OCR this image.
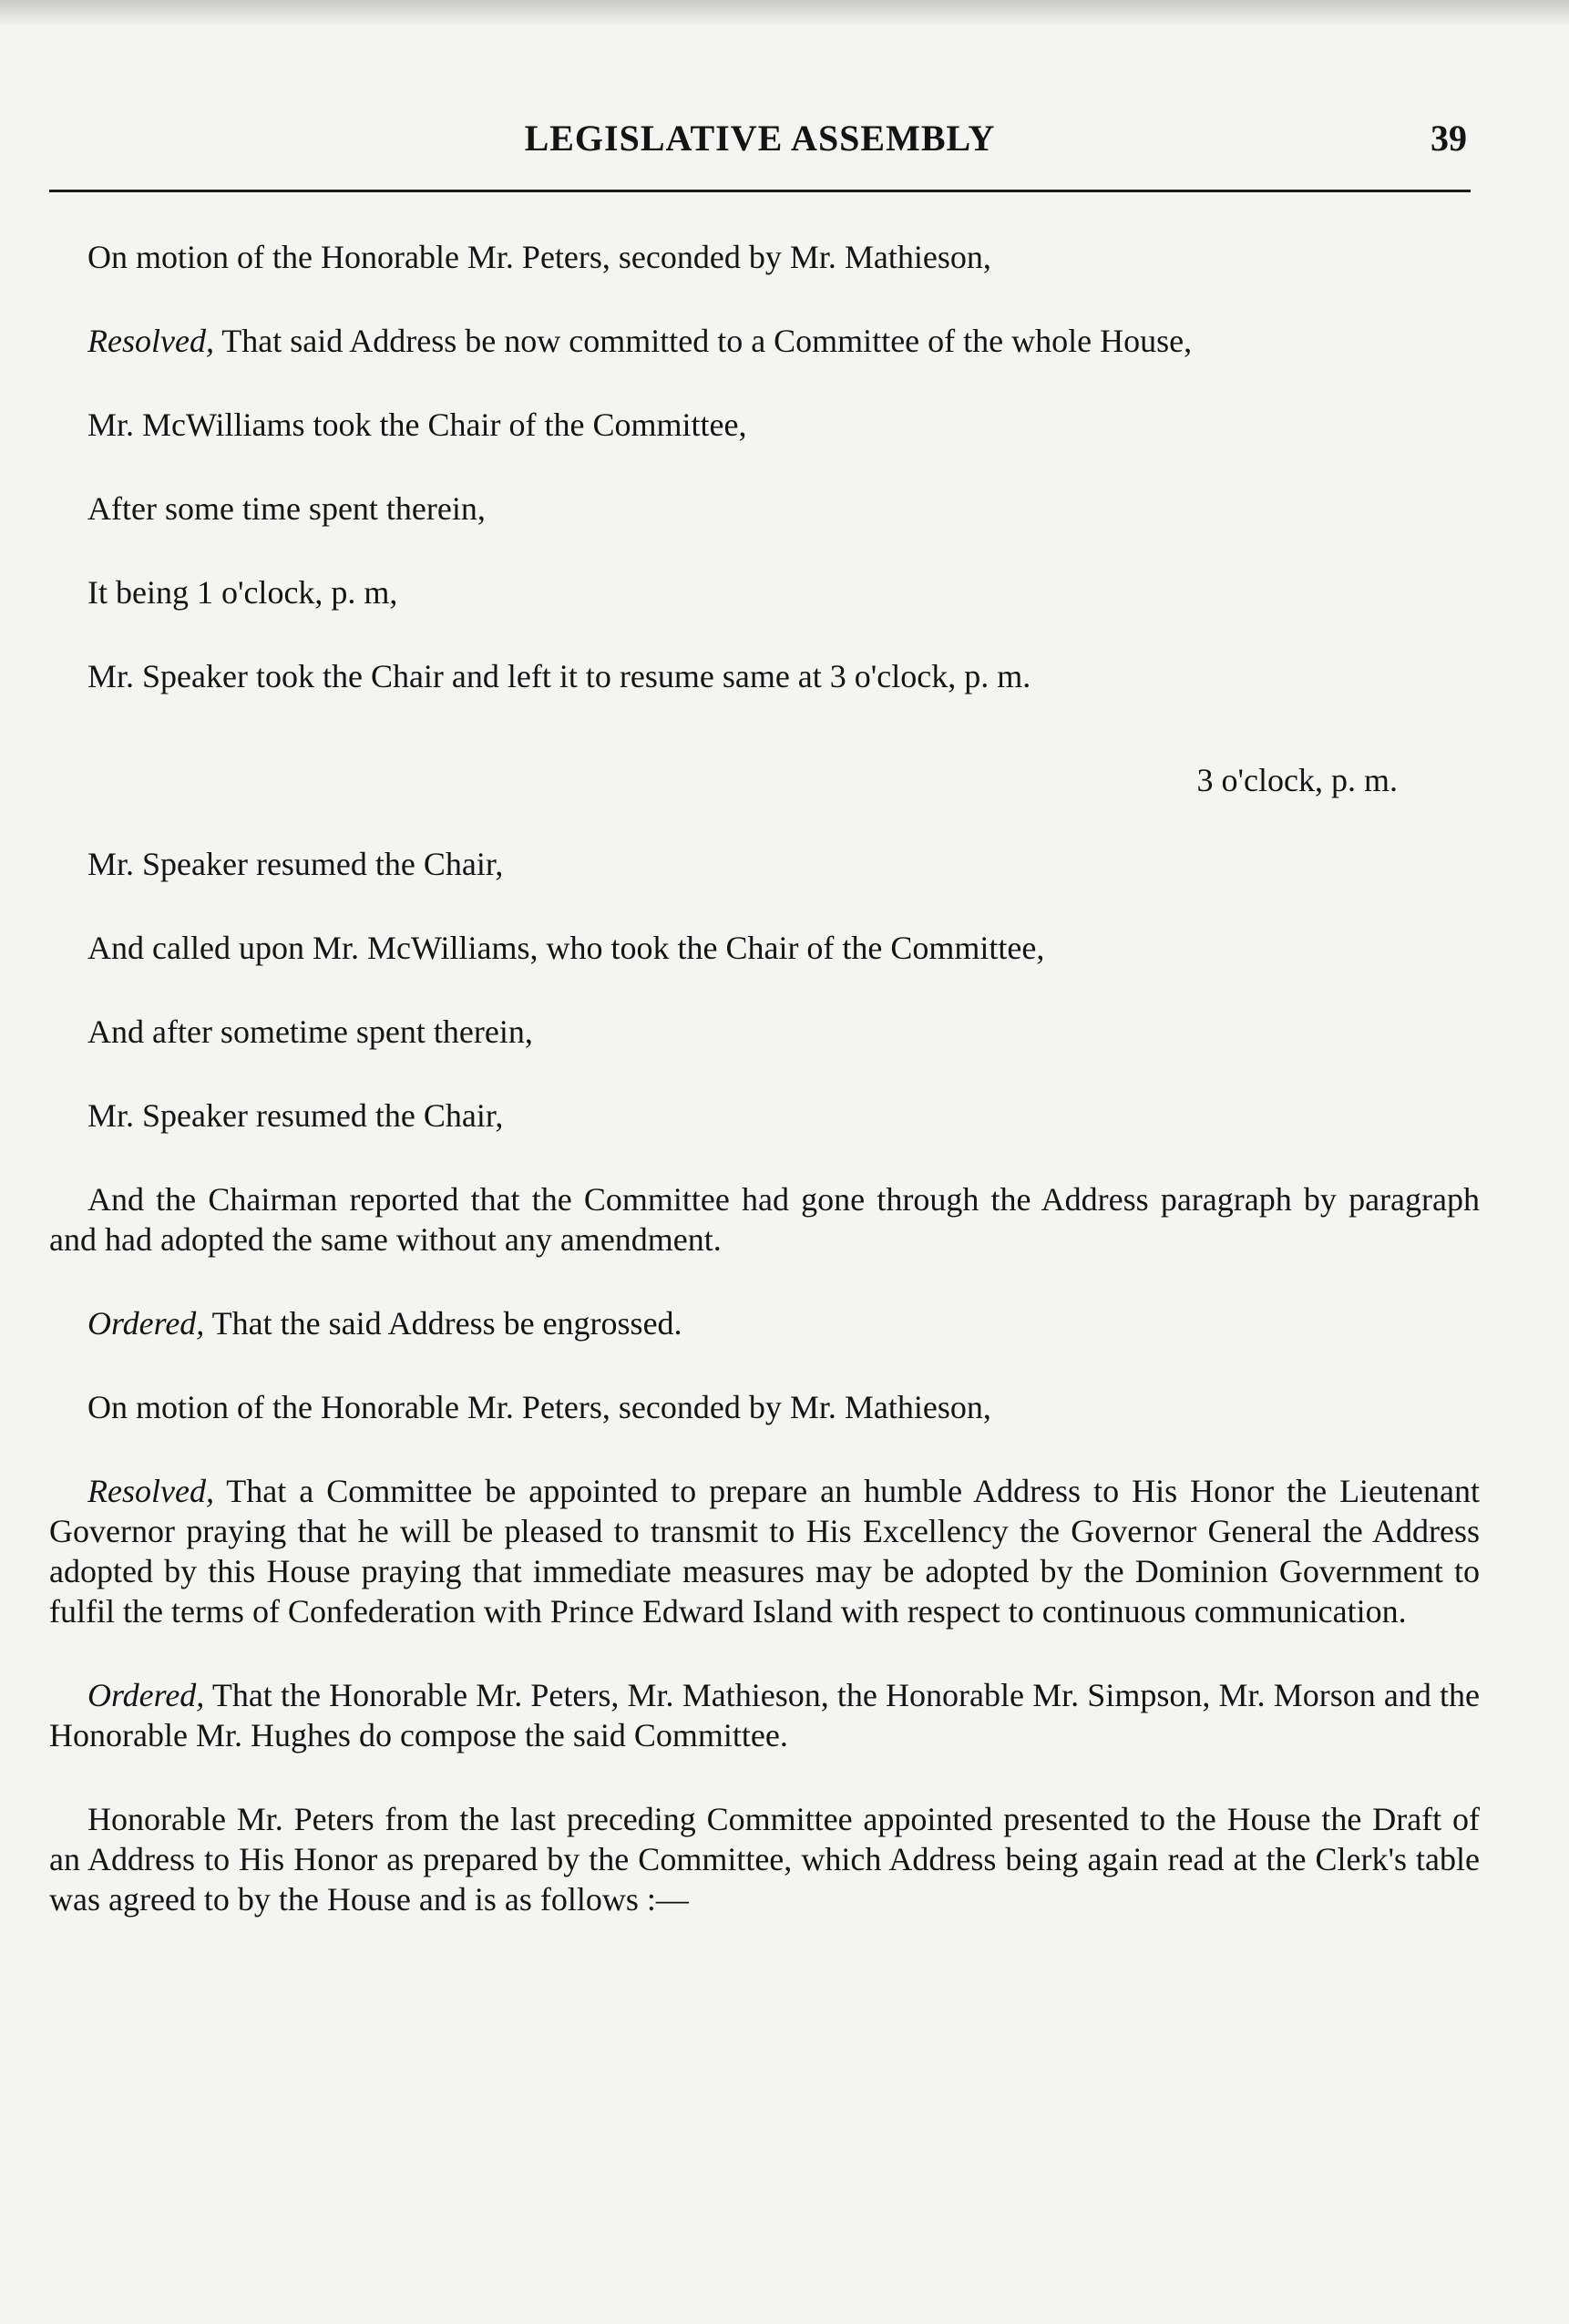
LEGISLATIVE ASSEMBLY	39

On motion of the Honorable Mr. Peters, seconded by Mr. Mathieson,

Resolved, That said Address be now committed to a Committee of the whole House,

Mr. McWilliams took the Chair of the Committee,

After some time spent therein,

It being 1 o'clock, p. m,

Mr. Speaker took the Chair and left it to resume same at 3 o'clock, p. m.

3 o'clock, p. m.

Mr. Speaker resumed the Chair,

And called upon Mr. McWilliams, who took the Chair of the Committee,

And after sometime spent therein,

Mr. Speaker resumed the Chair,

And the Chairman reported that the Committee had gone through the Address paragraph by paragraph and had adopted the same without any amendment.

Ordered, That the said Address be engrossed.

On motion of the Honorable Mr. Peters, seconded by Mr. Mathieson,

Resolved, That a Committee be appointed to prepare an humble Address to His Honor the Lieutenant Governor praying that he will be pleased to transmit to His Excellency the Governor General the Address adopted by this House praying that immediate measures may be adopted by the Dominion Government to fulfil the terms of Confederation with Prince Edward Island with respect to continuous communication.

Ordered, That the Honorable Mr. Peters, Mr. Mathieson, the Honorable Mr. Simpson, Mr. Morson and the Honorable Mr. Hughes do compose the said Committee.

Honorable Mr. Peters from the last preceding Committee appointed presented to the House the Draft of an Address to His Honor as prepared by the Committee, which Address being again read at the Clerk's table was agreed to by the House and is as follows :—
